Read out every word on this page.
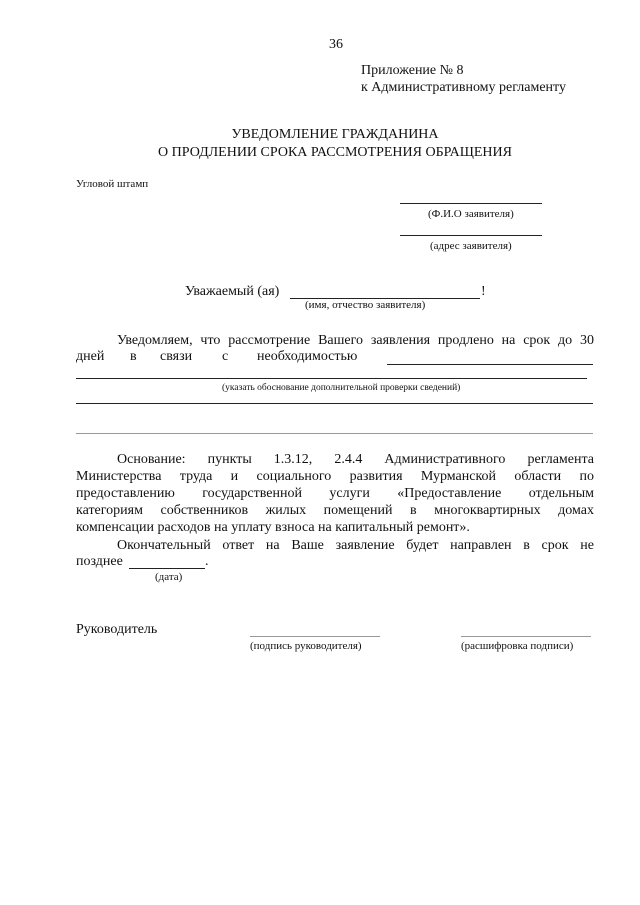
36
Приложение № 8
к Административному регламенту
УВЕДОМЛЕНИЕ ГРАЖДАНИНА
О ПРОДЛЕНИИ СРОКА РАССМОТРЕНИЯ ОБРАЩЕНИЯ
Угловой штамп
(Ф.И.О заявителя)
(адрес заявителя)
Уважаемый (ая)	!
(имя, отчество заявителя)
Уведомляем, что рассмотрение Вашего заявления продлено на срок до 30
дней в связи с необходимостью
(указать обоснование дополнительной проверки сведений)
Основание: пункты 1.3.12, 2.4.4 Административного регламента
Министерства труда и социального развития Мурманской области по
предоставлению государственной услуги «Предоставление отдельным
категориям собственников жилых помещений в многоквартирных домах
компенсации расходов на уплату взноса на капитальный ремонт».
Окончательный ответ на Ваше заявление будет направлен в срок не
позднее	.
(дата)
Руководитель
(подпись руководителя)	(расшифровка подписи)
